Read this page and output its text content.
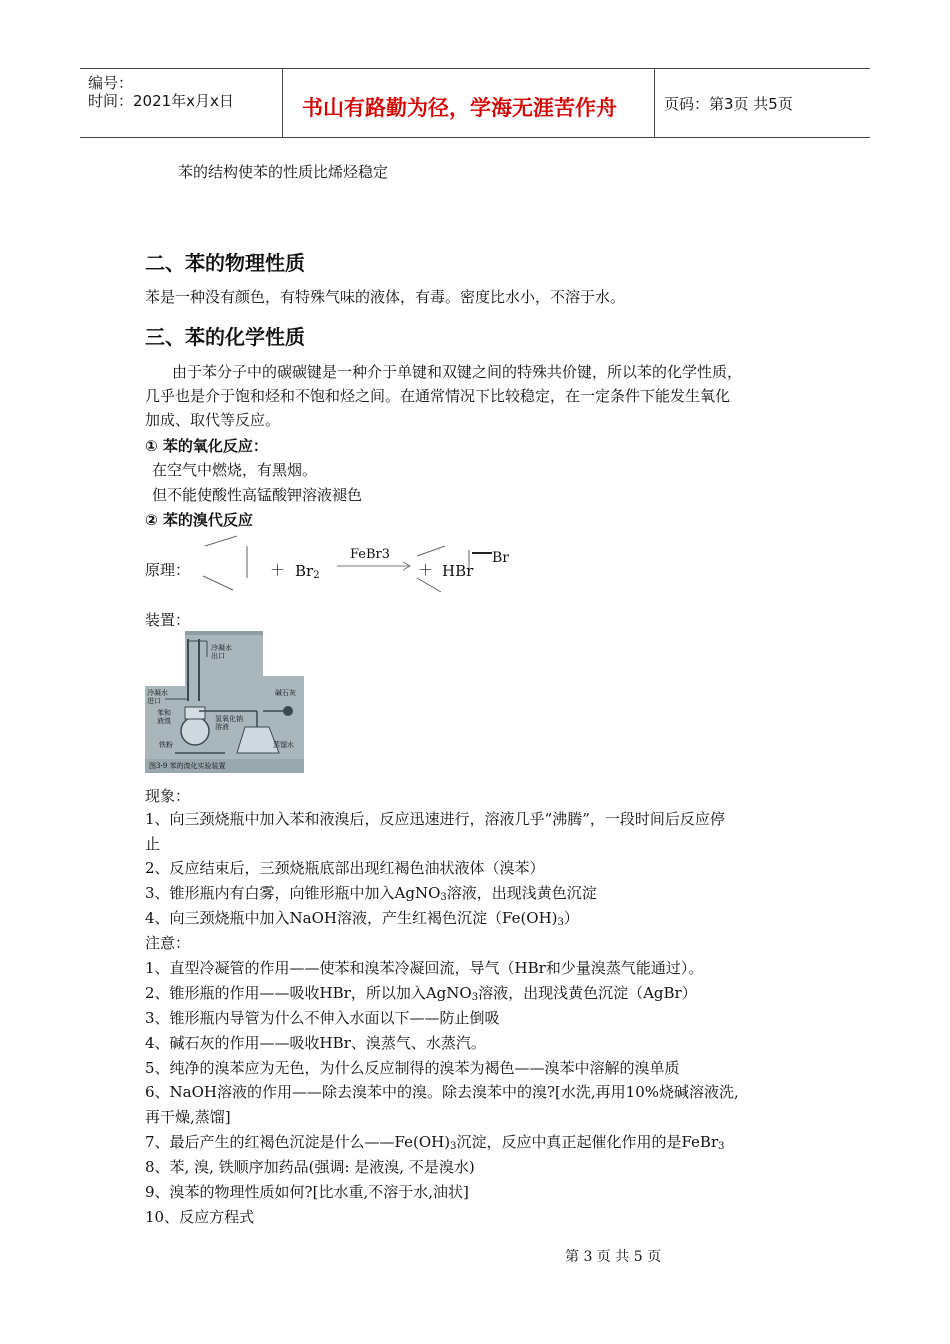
编号：
时间：2021年x月x日	书山有路勤为径，学海无涯苦作舟	页码：第3页 共5页
苯的结构使苯的性质比烯烃稳定
二、苯的物理性质
苯是一种没有颜色，有特殊气味的液体，有毒。密度比水小，不溶于水。
三、苯的化学性质
由于苯分子中的碳碳键是一种介于单键和双键之间的特殊共价键，所以苯的化学性质，
几乎也是介于饱和烃和不饱和烃之间。在通常情况下比较稳定，在一定条件下能发生氧化
加成、取代等反应。
① 苯的氧化反应：
在空气中燃烧，有黑烟。
但不能使酸性高锰酸钾溶液褪色
② 苯的溴代反应
原理：	＋ $Br_2$
FeBr3
＋ HBr
Br
装置：
冷凝水
出口
冷凝水
进口
苯和
液溴	氢氧化钠
溶液
碱石灰
铁粉	蒸馏水
图3-9 苯的溴化实验装置
现象：
1、向三颈烧瓶中加入苯和液溴后，反应迅速进行，溶液几乎“沸腾”，一段时间后反应停
止
2、反应结束后，三颈烧瓶底部出现红褐色油状液体（溴苯）
3、锥形瓶内有白雾，向锥形瓶中加入AgNO$_3$溶液，出现浅黄色沉淀
4、向三颈烧瓶中加入NaOH溶液，产生红褐色沉淀$(Fe(OH)_3)$
注意：
1、直型冷凝管的作用——使苯和溴苯冷凝回流，导气（HBr和少量溴蒸气能通过）。
2、锥形瓶的作用——吸收HBr，所以加入AgNO$_3$溶液，出现浅黄色沉淀（AgBr）
3、锥形瓶内导管为什么不伸入水面以下——防止倒吸
4、碱石灰的作用——吸收HBr、溴蒸气、水蒸汽。
5、纯净的溴苯应为无色，为什么反应制得的溴苯为褐色——溴苯中溶解的溴单质
6、NaOH溶液的作用——除去溴苯中的溴。除去溴苯中的溴?[水洗,再用10%烧碱溶液洗,
再干燥,蒸馏]
7、最后产生的红褐色沉淀是什么$——Fe(OH)_3$沉淀，反应中真正起催化作用的是FeBr$_3$
8、苯, 溴, 铁顺序加药品(强调: 是液溴, 不是溴水)
9、溴苯的物理性质如何?[比水重,不溶于水,油状]
10、反应方程式
第 3 页 共 5 页
